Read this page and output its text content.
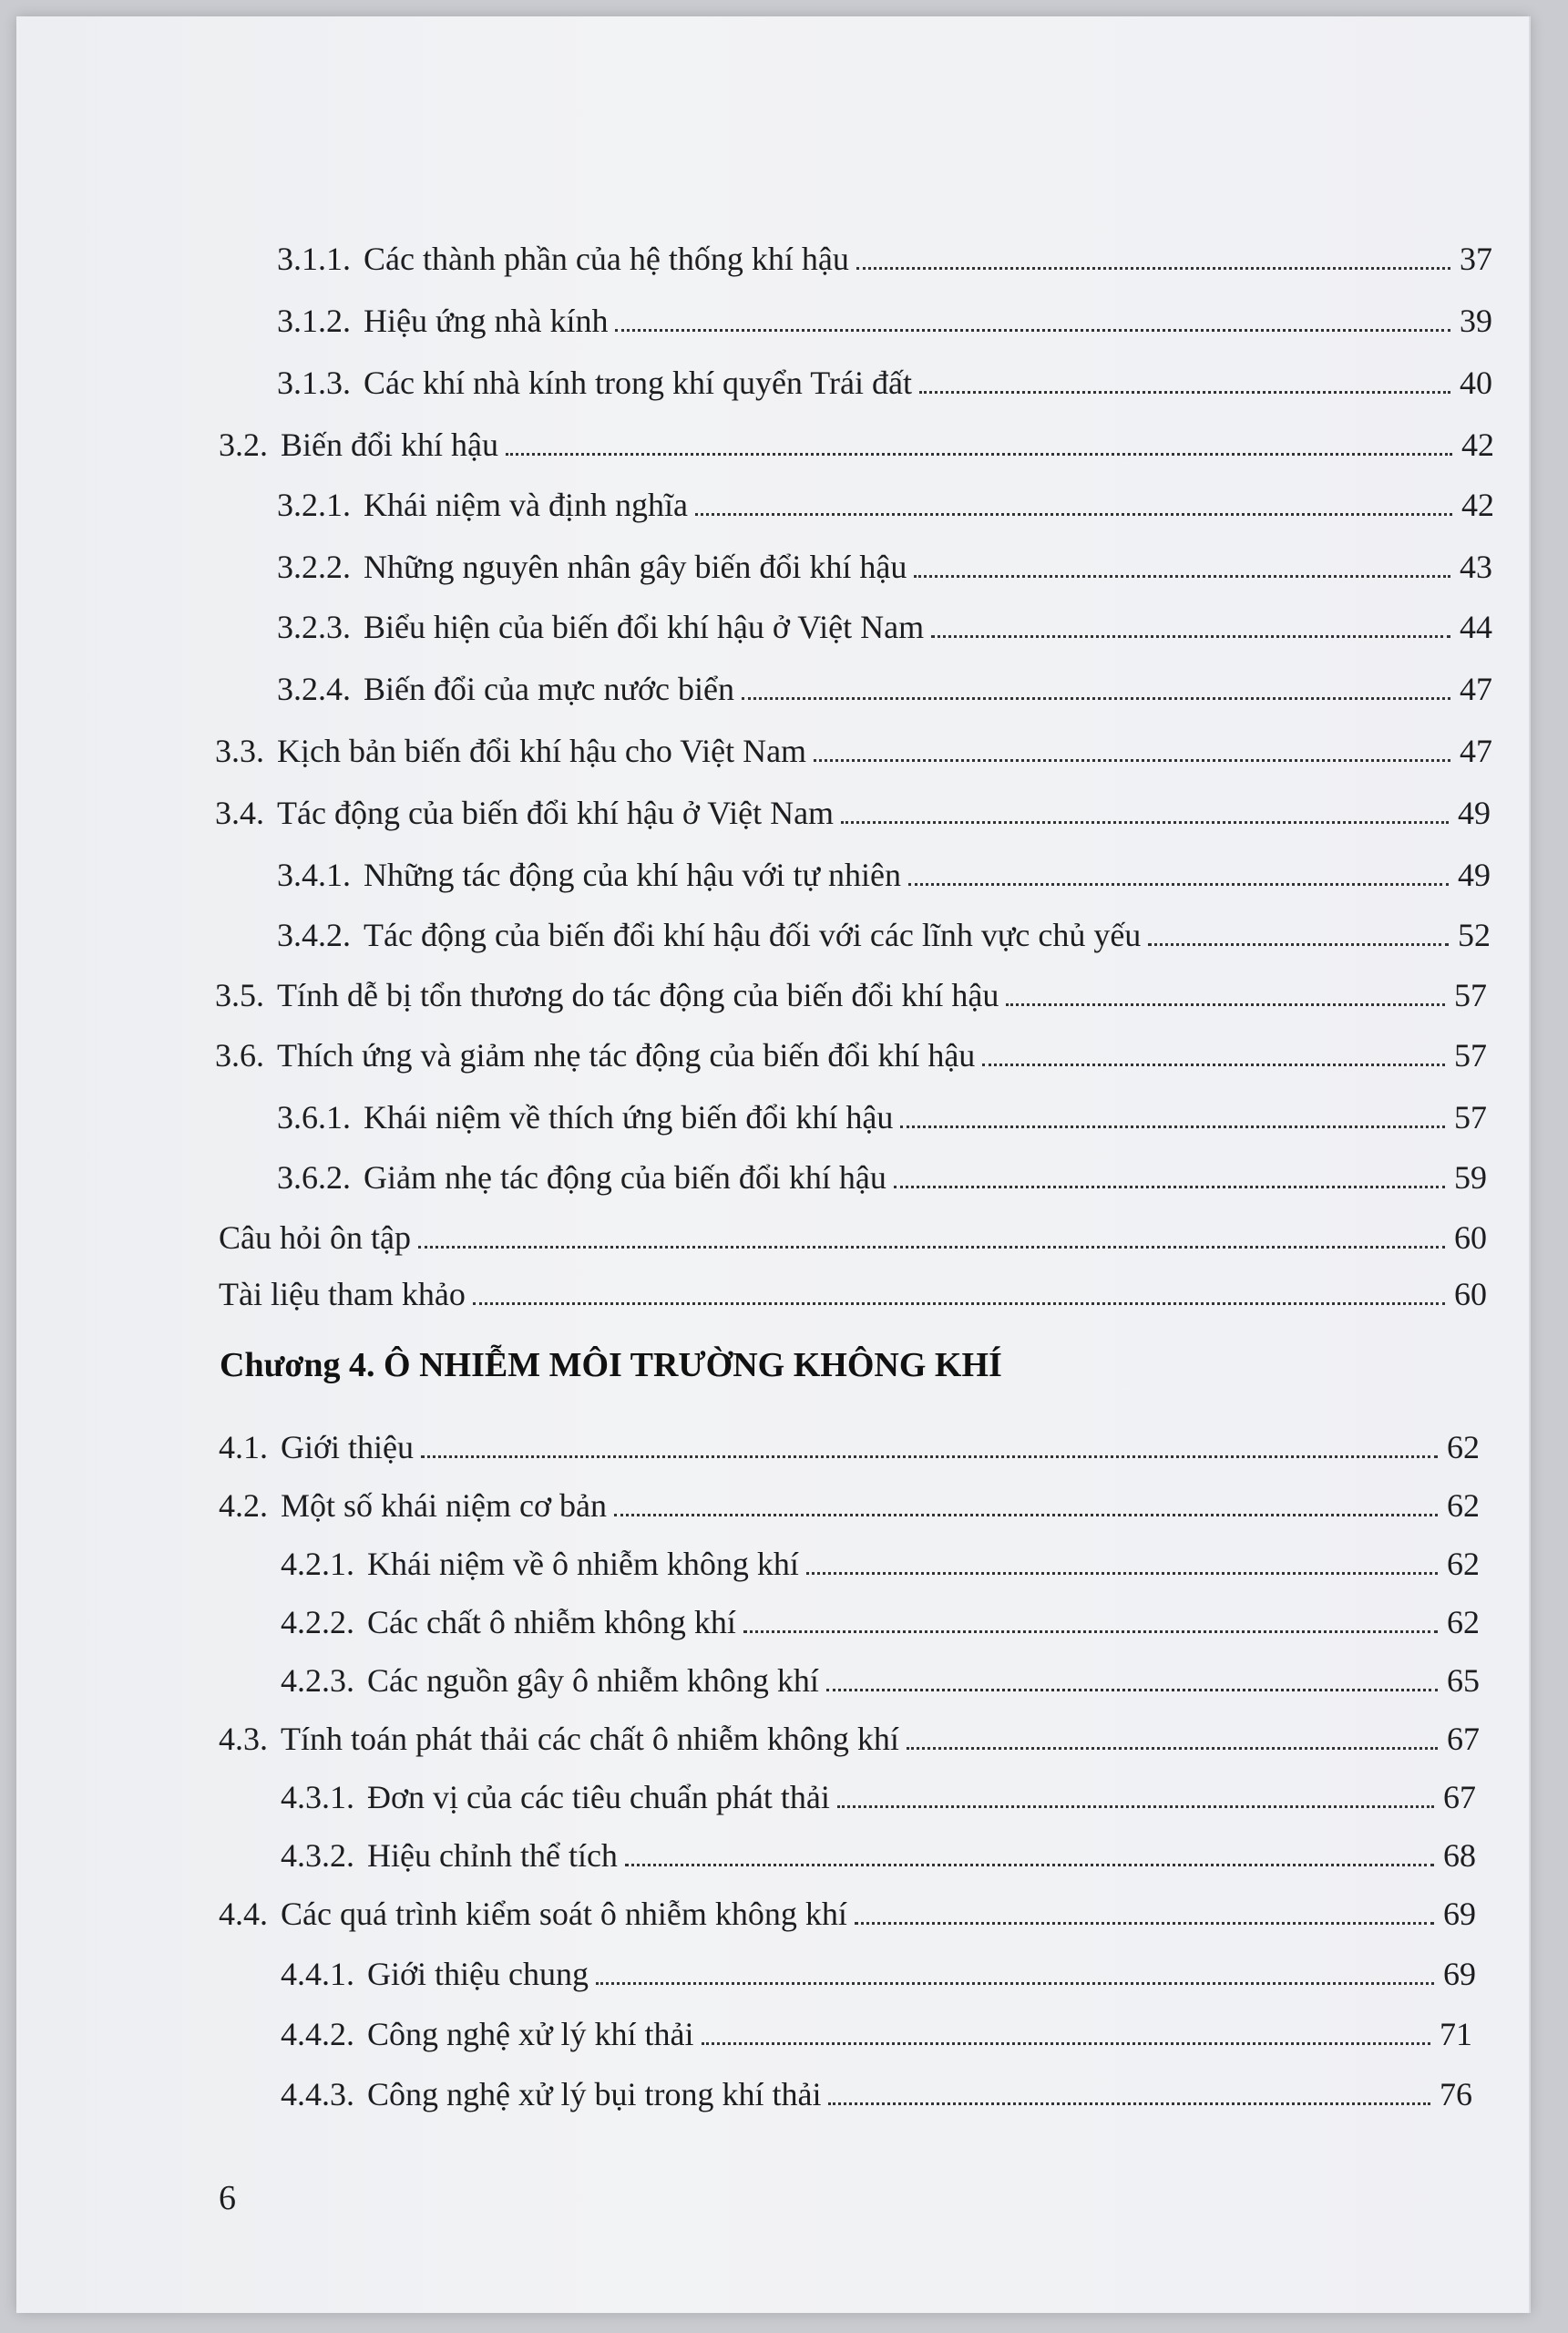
3.1.1. Các thành phần của hệ thống khí hậu	37
3.1.2. Hiệu ứng nhà kính	39
3.1.3. Các khí nhà kính trong khí quyển Trái đất	40
3.2. Biến đổi khí hậu	42
3.2.1. Khái niệm và định nghĩa	42
3.2.2. Những nguyên nhân gây biến đổi khí hậu	43
3.2.3. Biểu hiện của biến đổi khí hậu ở Việt Nam	44
3.2.4. Biến đổi của mực nước biển	47
3.3. Kịch bản biến đổi khí hậu cho Việt Nam	47
3.4. Tác động của biến đổi khí hậu ở Việt Nam	49
3.4.1. Những tác động của khí hậu với tự nhiên	49
3.4.2. Tác động của biến đổi khí hậu đối với các lĩnh vực chủ yếu	52
3.5. Tính dễ bị tổn thương do tác động của biến đổi khí hậu	57
3.6. Thích ứng và giảm nhẹ tác động của biến đổi khí hậu	57
3.6.1. Khái niệm về thích ứng biến đổi khí hậu	57
3.6.2. Giảm nhẹ tác động của biến đổi khí hậu	59
Câu hỏi ôn tập	60
Tài liệu tham khảo	60
Chương 4. Ô NHIỄM MÔI TRƯỜNG KHÔNG KHÍ
4.1. Giới thiệu	62
4.2. Một số khái niệm cơ bản	62
4.2.1. Khái niệm về ô nhiễm không khí	62
4.2.2. Các chất ô nhiễm không khí	62
4.2.3. Các nguồn gây ô nhiễm không khí	65
4.3. Tính toán phát thải các chất ô nhiễm không khí	67
4.3.1. Đơn vị của các tiêu chuẩn phát thải	67
4.3.2. Hiệu chỉnh thể tích	68
4.4. Các quá trình kiểm soát ô nhiễm không khí	69
4.4.1. Giới thiệu chung	69
4.4.2. Công nghệ xử lý khí thải	71
4.4.3. Công nghệ xử lý bụi trong khí thải	76
6
